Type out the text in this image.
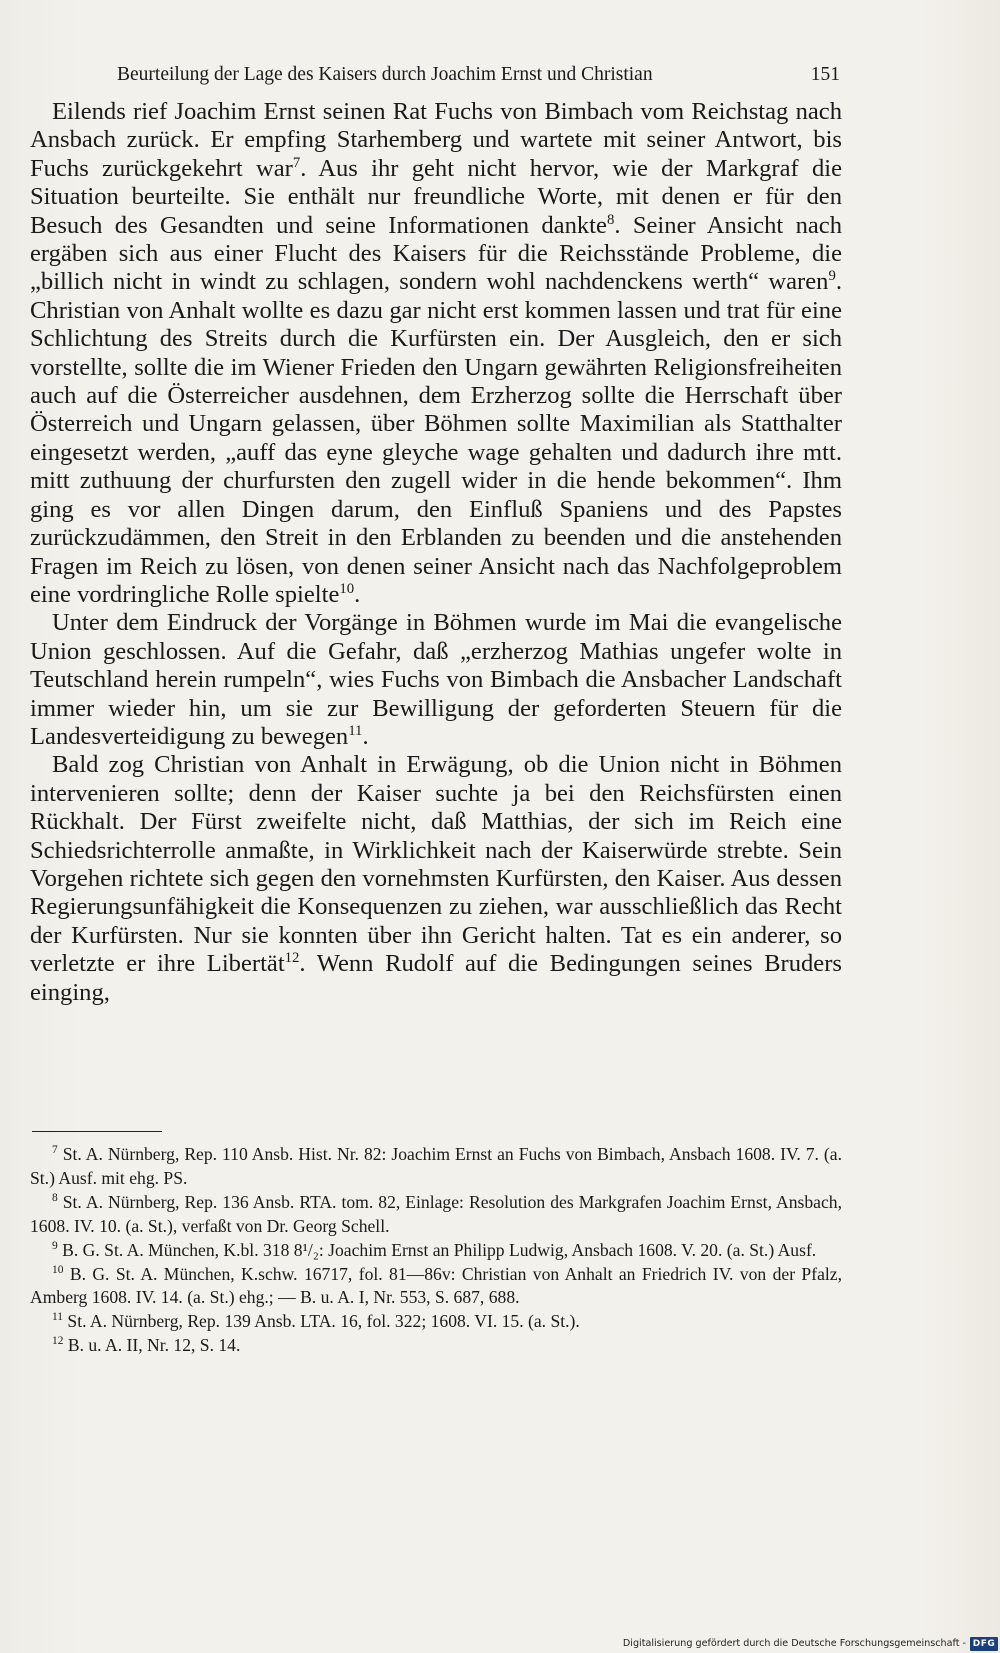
Beurteilung der Lage des Kaisers durch Joachim Ernst und Christian	151

Eilends rief Joachim Ernst seinen Rat Fuchs von Bimbach vom Reichstag nach Ansbach zurück. Er empfing Starhemberg und wartete mit seiner Antwort, bis Fuchs zurückgekehrt war$^7$. Aus ihr geht nicht hervor, wie der Markgraf die Situation beurteilte. Sie enthält nur freundliche Worte, mit denen er für den Besuch des Gesandten und seine Informationen dankte$^8$. Seiner Ansicht nach ergäben sich aus einer Flucht des Kaisers für die Reichsstände Probleme, die „billich nicht in windt zu schlagen, sondern wohl nachdenckens werth“ waren$^9$. Christian von Anhalt wollte es dazu gar nicht erst kommen lassen und trat für eine Schlichtung des Streits durch die Kurfürsten ein. Der Ausgleich, den er sich vorstellte, sollte die im Wiener Frieden den Ungarn gewährten Religionsfreiheiten auch auf die Österreicher ausdehnen, dem Erzherzog sollte die Herrschaft über Österreich und Ungarn gelassen, über Böhmen sollte Maximilian als Statthalter eingesetzt werden, „auff das eyne gleyche wage gehalten und dadurch ihre mtt. mitt zuthuung der churfursten den zugell wider in die hende bekommen“. Ihm ging es vor allen Dingen darum, den Einfluß Spaniens und des Papstes zurückzudämmen, den Streit in den Erblanden zu beenden und die anstehenden Fragen im Reich zu lösen, von denen seiner Ansicht nach das Nachfolgeproblem eine vordringliche Rolle spielte$^{10}$.

Unter dem Eindruck der Vorgänge in Böhmen wurde im Mai die evangelische Union geschlossen. Auf die Gefahr, daß „erzherzog Mathias ungefer wolte in Teutschland herein rumpeln“, wies Fuchs von Bimbach die Ansbacher Landschaft immer wieder hin, um sie zur Bewilligung der geforderten Steuern für die Landesverteidigung zu bewegen$^{11}$.

Bald zog Christian von Anhalt in Erwägung, ob die Union nicht in Böhmen intervenieren sollte; denn der Kaiser suchte ja bei den Reichsfürsten einen Rückhalt. Der Fürst zweifelte nicht, daß Matthias, der sich im Reich eine Schiedsrichterrolle anmaßte, in Wirklichkeit nach der Kaiserwürde strebte. Sein Vorgehen richtete sich gegen den vornehmsten Kurfürsten, den Kaiser. Aus dessen Regierungsunfähigkeit die Konsequenzen zu ziehen, war ausschließlich das Recht der Kurfürsten. Nur sie konnten über ihn Gericht halten. Tat es ein anderer, so verletzte er ihre Libertät$^{12}$. Wenn Rudolf auf die Bedingungen seines Bruders einging,

$^7$ St. A. Nürnberg, Rep. 110 Ansb. Hist. Nr. 82: Joachim Ernst an Fuchs von Bimbach, Ansbach 1608. IV. 7. (a. St.) Ausf. mit ehg. PS.

$^8$ St. A. Nürnberg, Rep. 136 Ansb. RTA. tom. 82, Einlage: Resolution des Markgrafen Joachim Ernst, Ansbach, 1608. IV. 10. (a. St.), verfaßt von Dr. Georg Schell.

$^9$ B. G. St. A. München, K.bl. 318 8¹/₂: Joachim Ernst an Philipp Ludwig, Ansbach 1608. V. 20. (a. St.) Ausf.

$^{10}$ B. G. St. A. München, K.schw. 16717, fol. 81—86v: Christian von Anhalt an Friedrich IV. von der Pfalz, Amberg 1608. IV. 14. (a. St.) ehg.; — B. u. A. I, Nr. 553, S. 687, 688.

$^{11}$ St. A. Nürnberg, Rep. 139 Ansb. LTA. 16, fol. 322; 1608. VI. 15. (a. St.).

$^{12}$ B. u. A. II, Nr. 12, S. 14.

Digitalisierung gefördert durch die Deutsche Forschungsgemeinschaft - DFG
